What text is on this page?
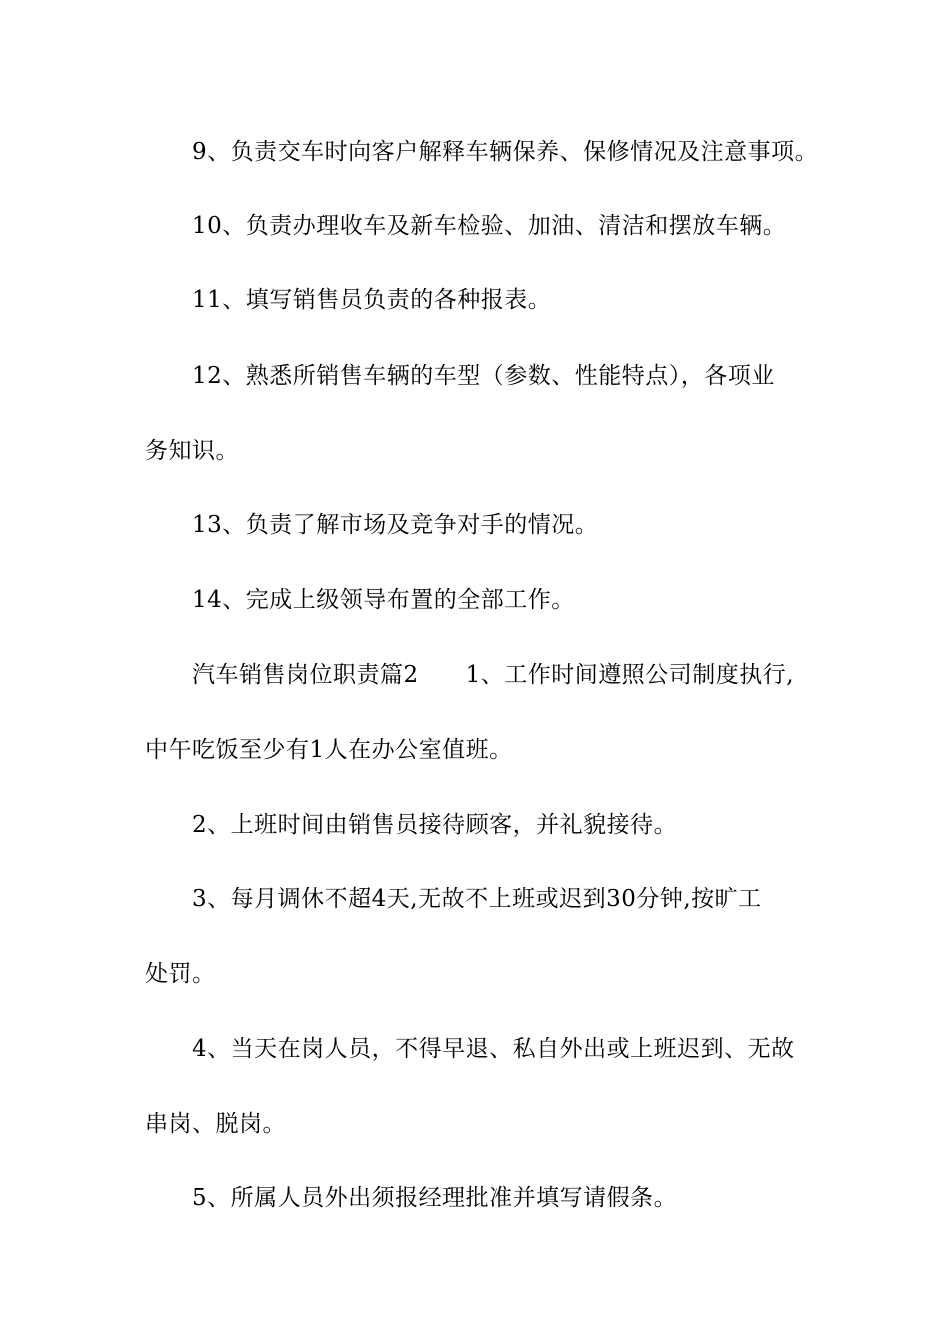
9、负责交车时向客户解释车辆保养、保修情况及注意事项。
10、负责办理收车及新车检验、加油、清洁和摆放车辆。
11、填写销售员负责的各种报表。
12、熟悉所销售车辆的车型（参数、性能特点），各项业
务知识。
13、负责了解市场及竞争对手的情况。
14、完成上级领导布置的全部工作。
汽车销售岗位职责篇2　　1、工作时间遵照公司制度执行,
中午吃饭至少有1人在办公室值班。
2、上班时间由销售员接待顾客，并礼貌接待。
3、每月调休不超4天,无故不上班或迟到30分钟,按旷工
处罚。
4、当天在岗人员，不得早退、私自外出或上班迟到、无故
串岗、脱岗。
5、所属人员外出须报经理批准并填写请假条。
